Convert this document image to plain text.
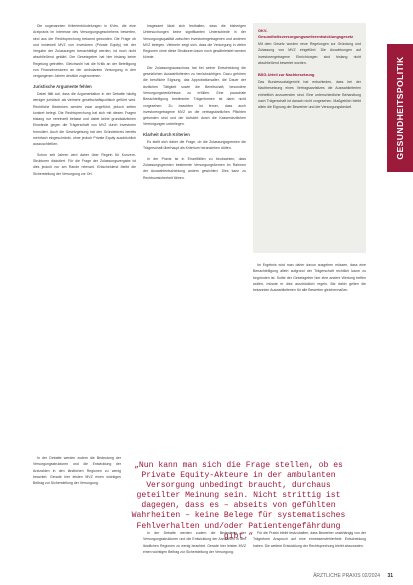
GESUNDHEITSPOLITIK
GKV-Gesundheitsversorgungsweiterentwicklungsgesetz

Mit dem Gesetz wurden neue Regelungen zur Gründung und Zulassung von MVZ eingeführt. Die Auswirkungen auf investorengetragene Einrichtungen sind bislang nicht abschließend bewertet worden.

BSG-Urteil zur Nachbesetzung

Das Bundessozialgericht hat entschieden, dass bei der Nachbesetzung eines Vertragsarztsitzes die Auswahlkriterien einheitlich anzuwenden sind. Eine unterschiedliche Behandlung nach Trägerschaft ist danach nicht vorgesehen. Maßgeblich bleibt allein die Eignung der Bewerber und der Versorgungsbedarf.

Die sogenannten Kriterienbündelungen in KVen, die eine Arztpraxis im Interesse des Versorgungsgeschehens bewerten, sind aus der Rechtsprechung bekannt geworden. Die Frage ob und inwieweit MVZ von Investoren (Private Equity) bei der Vergabe der Zulassungen benachteiligt werden, ist noch nicht abschließend geklärt. Der Gesetzgeber hat hier bislang keine Regelung getroffen. Gleichwohl hat die Kritik an der Beteiligung von Finanzinvestoren an der ambulanten Versorgung in den vergangenen Jahren deutlich zugenommen.

Juristische Argumente fehlen

Dabei fällt auf, dass die Argumentation in der Debatte häufig weniger juristisch als vielmehr gesellschaftspolitisch geführt wird. Rechtliche Bedenken werden zwar angeführt, jedoch selten konkret belegt. Die Rechtsprechung hat sich mit diesen Fragen bislang nur vereinzelt befasst und dabei keine grundsätzlichen Einwände gegen die Trägerschaft von MVZ durch Investoren formuliert. Auch die Gesetzgebung hat den Gründerkreis bereits mehrfach eingeschränkt, ohne jedoch Private Equity ausdrücklich auszuschließen.

Schon seit Jahren wird daher über Regeln für Konzern-Strukturen diskutiert. Für die Frage der Zulassungsvergabe ist dies jedoch nur am Rande relevant. Entscheidend bleibt die Sicherstellung der Versorgung vor Ort.

Insgesamt lässt sich festhalten, dass die bisherigen Untersuchungen keine signifikanten Unterschiede in der Versorgungsqualität zwischen investorengetragenen und anderen MVZ belegen. Vielmehr zeigt sich, dass die Versorgung in vielen Regionen ohne diese Strukturen kaum noch gewährleistet werden könnte.

Der Zulassungsausschuss hat bei seiner Entscheidung die gesetzlichen Auswahlkriterien zu berücksichtigen. Dazu gehören die berufliche Eignung, das Approbationsalter, die Dauer der ärztlichen Tätigkeit sowie die Bereitschaft, besondere Versorgungsbedürfnisse zu erfüllen. Eine pauschale Benachteiligung bestimmter Trägerformen ist darin nicht vorgesehen. Zu beachten ist ferner, dass auch investorengetragene MVZ an die vertragsärztlichen Pflichten gebunden sind und der Aufsicht durch die Kassenärztlichen Vereinigungen unterliegen.

Klarheit durch Kriterien

Es stellt sich daher die Frage, ob die Zulassungsgremien die Trägerschaft überhaupt als Kriterium heranziehen dürfen.

In der Praxis ist in Einzelfällen zu beobachten, dass Zulassungsgremien bestimmte Versorgungsformen im Rahmen der Auswahlentscheidung anders gewichten. Dies kann zu Rechtsunsicherheit führen.

Im Ergebnis wird man daher davon ausgehen müssen, dass eine Benachteiligung allein aufgrund der Trägerschaft rechtlich kaum zu begründen ist. Sollte der Gesetzgeber hier eine andere Wertung treffen wollen, müsste er dies ausdrücklich regeln. Bis dahin gelten die bekannten Auswahlkriterien für alle Bewerber gleichermaßen.

„Nun kann man sich die Frage stellen, ob es Private Equity-Akteure in der ambulanten Versorgung unbedingt braucht, durchaus geteilter Meinung sein. Nicht strittig ist dagegen, dass es – abseits von gefühlten Wahrheiten – keine Belege für systematisches Fehlverhalten und/oder Patientengefährdung gibt.“

In der Debatte werden zudem die Bedeutung der Versorgungsstrukturen und die Entwicklung der Arztzahlen in den ländlichen Regionen zu wenig beachtet. Gerade hier leisten MVZ einen wichtigen Beitrag zur Sicherstellung der Versorgung.

In der Debatte werden zudem die Bedeutung der Versorgungsstrukturen und die Entwicklung der Arztzahlen in den ländlichen Regionen zu wenig beachtet. Gerade hier leisten MVZ einen wichtigen Beitrag zur Sicherstellung der Versorgung.

Für die Praxis bleibt festzuhalten, dass Bewerber unabhängig von der Trägerform Anspruch auf eine ermessensfehlerfreie Entscheidung haben. Die weitere Entwicklung der Rechtsprechung bleibt abzuwarten.

ÄRZTLICHE PRAXIS 02/2024 31
